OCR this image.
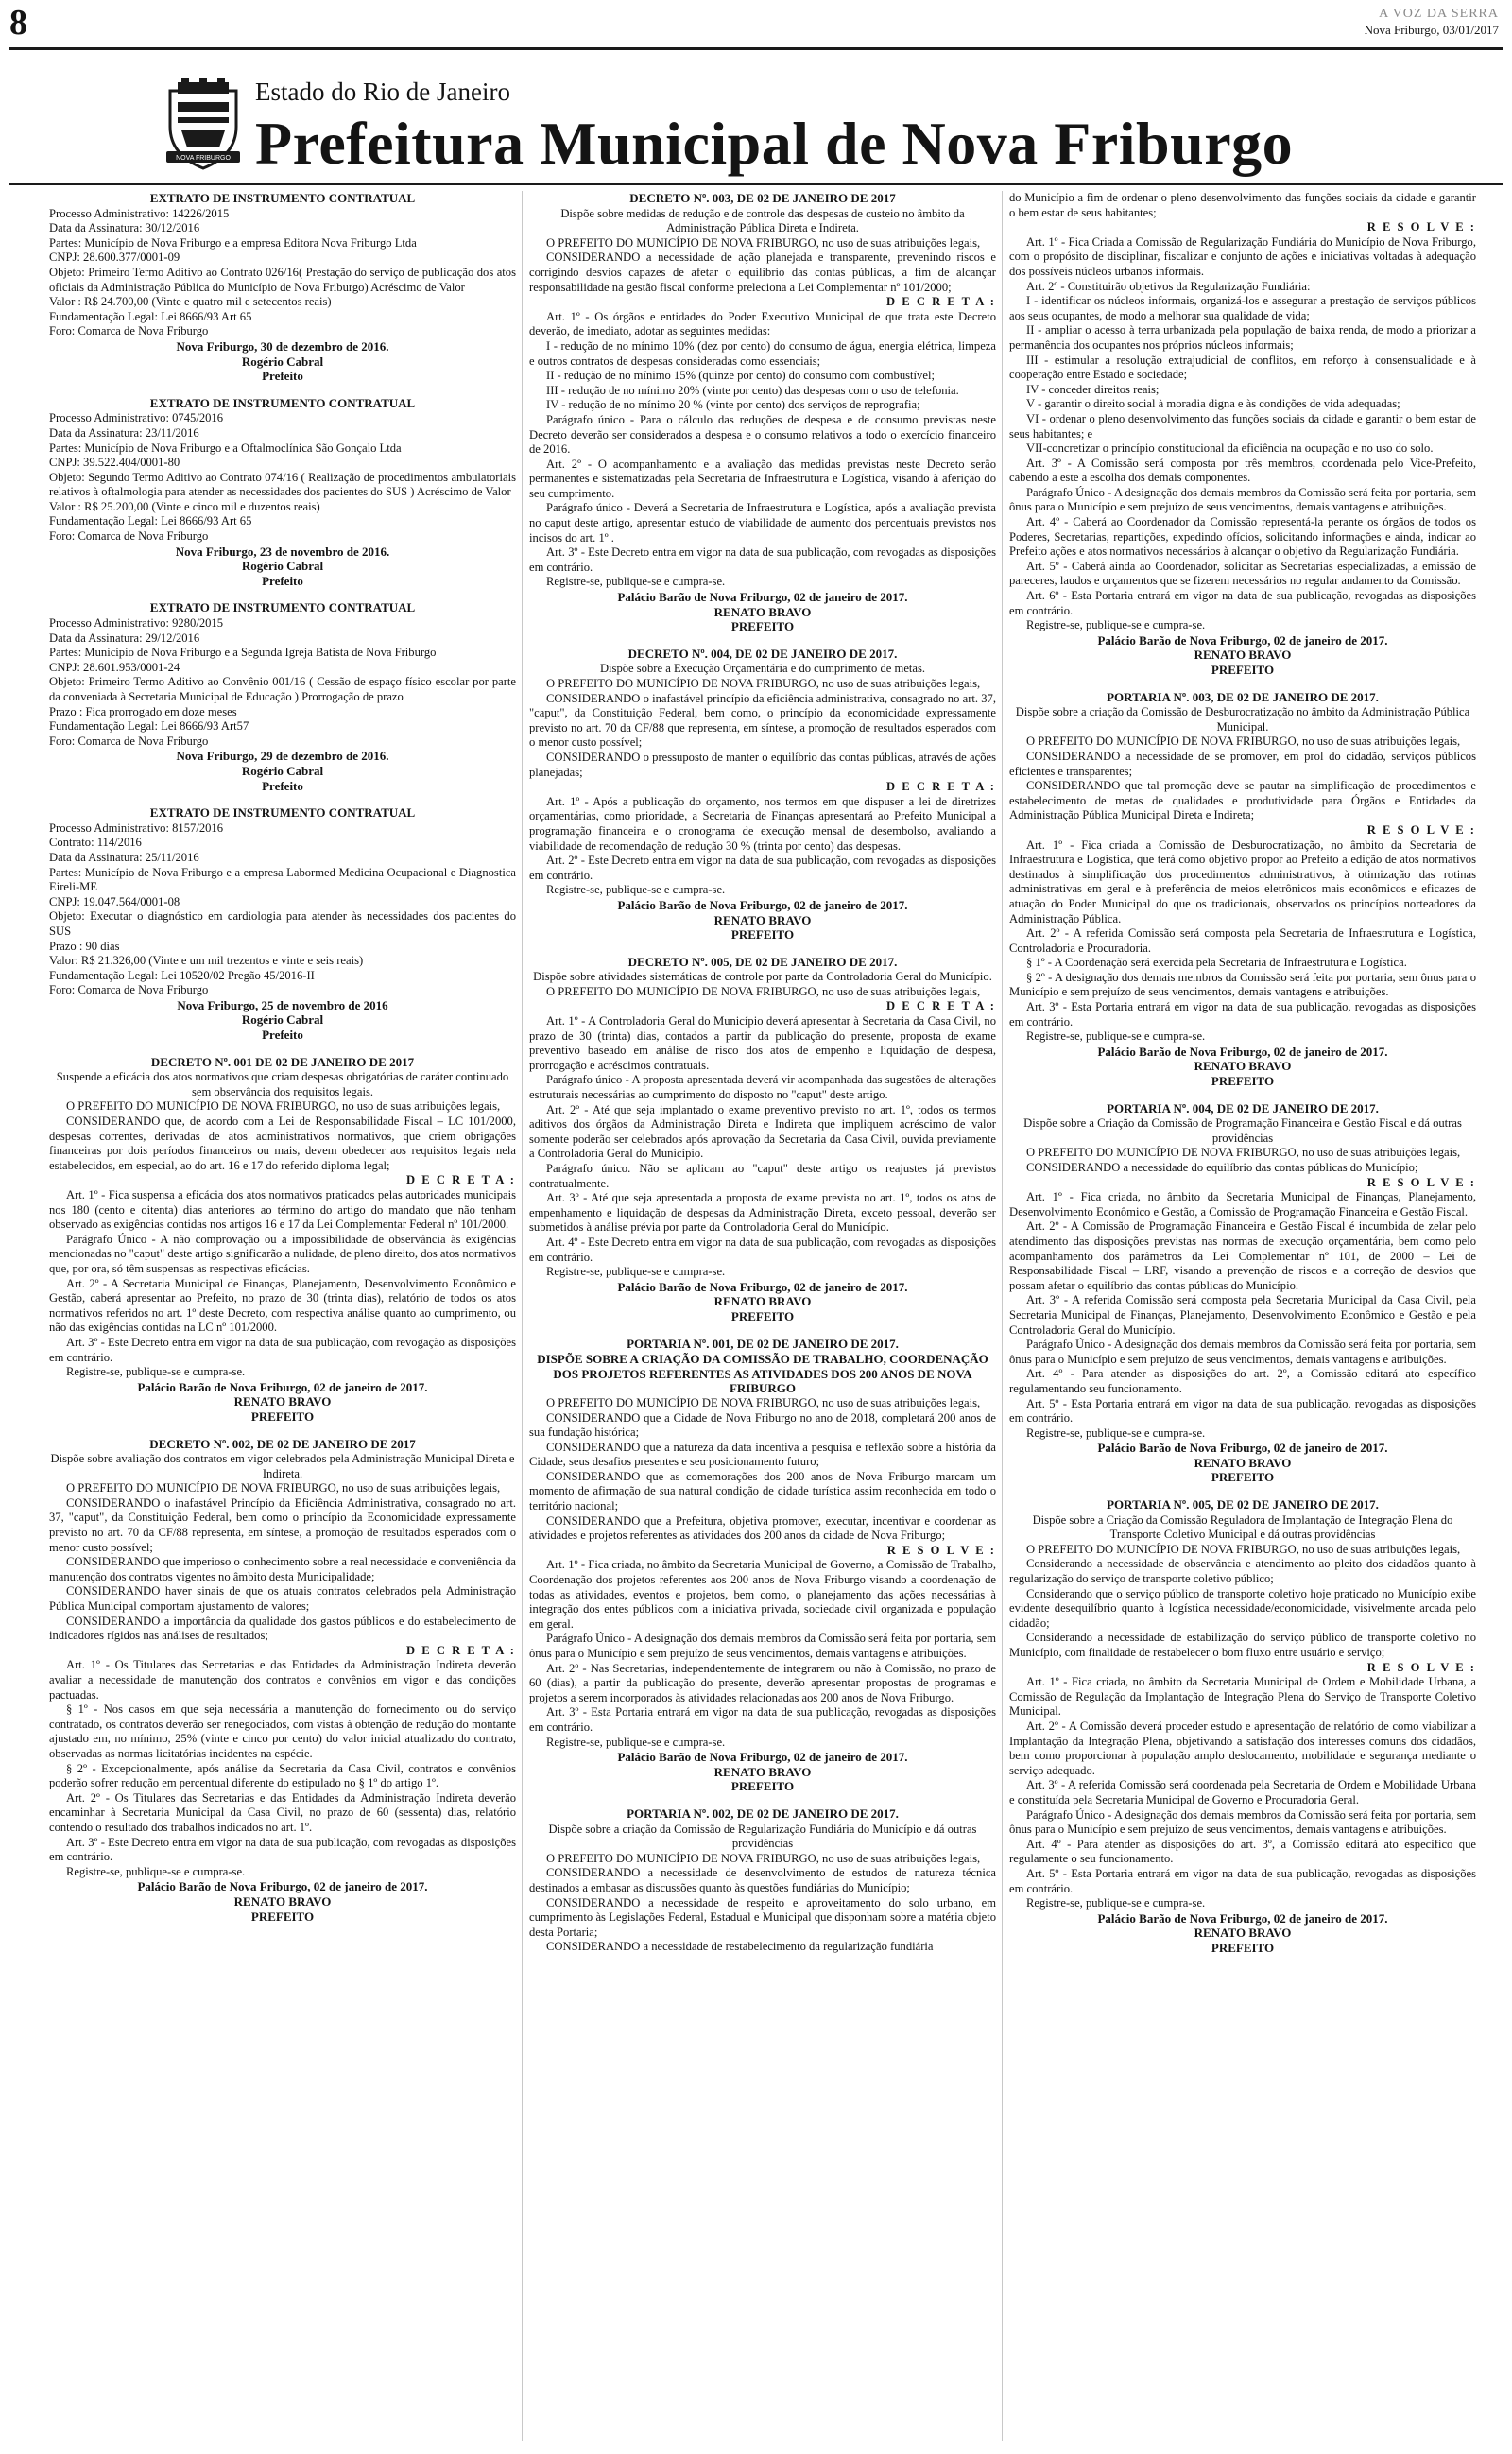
8	A VOZ DA SERRA
Nova Friburgo, 03/01/2017
NOVA FRIBURGO
Estado do Rio de Janeiro
Prefeitura Municipal de Nova Friburgo
EXTRATO DE INSTRUMENTO CONTRATUAL
Processo Administrativo: 14226/2015
Data da Assinatura: 30/12/2016
Partes: Município de Nova Friburgo e a empresa Editora Nova Friburgo Ltda
CNPJ: 28.600.377/0001-09
Objeto: Primeiro Termo Aditivo ao Contrato 026/16( Prestação do serviço de publicação dos atos oficiais da Administração Pública do Município de Nova Friburgo) Acréscimo de Valor
Valor : R$ 24.700,00 (Vinte e quatro mil e setecentos reais)
Fundamentação Legal: Lei 8666/93 Art 65
Foro: Comarca de Nova Friburgo
Nova Friburgo, 30 de dezembro de 2016.
Rogério Cabral
Prefeito
EXTRATO DE INSTRUMENTO CONTRATUAL
Processo Administrativo: 0745/2016
Data da Assinatura: 23/11/2016
Partes: Município de Nova Friburgo e a Oftalmoclínica São Gonçalo Ltda
CNPJ: 39.522.404/0001-80
Objeto: Segundo Termo Aditivo ao Contrato 074/16 ( Realização de procedimentos ambulatoriais relativos à oftalmologia para atender as necessidades dos pacientes do SUS ) Acréscimo de Valor
Valor : R$ 25.200,00 (Vinte e cinco mil e duzentos reais)
Fundamentação Legal: Lei 8666/93 Art 65
Foro: Comarca de Nova Friburgo
Nova Friburgo, 23 de novembro de 2016.
Rogério Cabral
Prefeito
EXTRATO DE INSTRUMENTO CONTRATUAL
Processo Administrativo: 9280/2015
Data da Assinatura: 29/12/2016
Partes: Município de Nova Friburgo e a Segunda Igreja Batista de Nova Friburgo
CNPJ: 28.601.953/0001-24
Objeto: Primeiro Termo Aditivo ao Convênio 001/16 ( Cessão de espaço físico escolar por parte da conveniada à Secretaria Municipal de Educação ) Prorrogação de prazo
Prazo : Fica prorrogado em doze meses
Fundamentação Legal: Lei 8666/93 Art57
Foro: Comarca de Nova Friburgo
Nova Friburgo, 29 de dezembro de 2016.
Rogério Cabral
Prefeito
EXTRATO DE INSTRUMENTO CONTRATUAL
Processo Administrativo: 8157/2016
Contrato: 114/2016
Data da Assinatura: 25/11/2016
Partes: Município de Nova Friburgo e a empresa Labormed Medicina Ocupacional e Diagnostica Eireli-ME
CNPJ: 19.047.564/0001-08
Objeto: Executar o diagnóstico em cardiologia para atender às necessidades dos pacientes do SUS
Prazo : 90 dias
Valor: R$ 21.326,00 (Vinte e um mil trezentos e vinte e seis reais)
Fundamentação Legal: Lei 10520/02 Pregão 45/2016-II
Foro: Comarca de Nova Friburgo
Nova Friburgo, 25 de novembro de 2016
Rogério Cabral
Prefeito
DECRETO Nº. 001 DE 02 DE JANEIRO DE 2017
Suspende a eficácia dos atos normativos que criam despesas obrigatórias de caráter continuado sem observância dos requisitos legais.
O PREFEITO DO MUNICÍPIO DE NOVA FRIBURGO, no uso de suas atribuições legais,
CONSIDERANDO que, de acordo com a Lei de Responsabilidade Fiscal – LC 101/2000, despesas correntes, derivadas de atos administrativos normativos, que criem obrigações financeiras por dois períodos financeiros ou mais, devem obedecer aos requisitos legais nela estabelecidos, em especial, ao do art. 16 e 17 do referido diploma legal;
D E C R E T A :
Art. 1º - Fica suspensa a eficácia dos atos normativos praticados pelas autoridades municipais nos 180 (cento e oitenta) dias anteriores ao término do artigo do mandato que não tenham observado as exigências contidas nos artigos 16 e 17 da Lei Complementar Federal nº 101/2000.
Parágrafo Único - A não comprovação ou a impossibilidade de observância às exigências mencionadas no "caput" deste artigo significarão a nulidade, de pleno direito, dos atos normativos que, por ora, só têm suspensas as respectivas eficácias.
Art. 2º - A Secretaria Municipal de Finanças, Planejamento, Desenvolvimento Econômico e Gestão, caberá apresentar ao Prefeito, no prazo de 30 (trinta dias), relatório de todos os atos normativos referidos no art. 1º deste Decreto, com respectiva análise quanto ao cumprimento, ou não das exigências contidas na LC nº 101/2000.
Art. 3º - Este Decreto entra em vigor na data de sua publicação, com revogação as disposições em contrário.
Registre-se, publique-se e cumpra-se.
Palácio Barão de Nova Friburgo, 02 de janeiro de 2017.
RENATO BRAVO
PREFEITO
DECRETO Nº. 002, DE 02 DE JANEIRO DE 2017
Dispõe sobre avaliação dos contratos em vigor celebrados pela Administração Municipal Direta e Indireta.
O PREFEITO DO MUNICÍPIO DE NOVA FRIBURGO, no uso de suas atribuições legais,
CONSIDERANDO o inafastável Princípio da Eficiência Administrativa, consagrado no art. 37, "caput", da Constituição Federal, bem como o princípio da Economicidade expressamente previsto no art. 70 da CF/88 representa, em síntese, a promoção de resultados esperados com o menor custo possível;
CONSIDERANDO que imperioso o conhecimento sobre a real necessidade e conveniência da manutenção dos contratos vigentes no âmbito desta Municipalidade;
CONSIDERANDO haver sinais de que os atuais contratos celebrados pela Administração Pública Municipal comportam ajustamento de valores;
CONSIDERANDO a importância da qualidade dos gastos públicos e do estabelecimento de indicadores rígidos nas análises de resultados;
D E C R E T A :
Art. 1º - Os Titulares das Secretarias e das Entidades da Administração Indireta deverão avaliar a necessidade de manutenção dos contratos e convênios em vigor e das condições pactuadas.
§ 1º - Nos casos em que seja necessária a manutenção do fornecimento ou do serviço contratado, os contratos deverão ser renegociados, com vistas à obtenção de redução do montante ajustado em, no mínimo, 25% (vinte e cinco por cento) do valor inicial atualizado do contrato, observadas as normas licitatórias incidentes na espécie.
§ 2º - Excepcionalmente, após análise da Secretaria da Casa Civil, contratos e convênios poderão sofrer redução em percentual diferente do estipulado no § 1º do artigo 1º.
Art. 2º - Os Titulares das Secretarias e das Entidades da Administração Indireta deverão encaminhar à Secretaria Municipal da Casa Civil, no prazo de 60 (sessenta) dias, relatório contendo o resultado dos trabalhos indicados no art. 1º.
Art. 3º - Este Decreto entra em vigor na data de sua publicação, com revogadas as disposições em contrário.
Registre-se, publique-se e cumpra-se.
Palácio Barão de Nova Friburgo, 02 de janeiro de 2017.
RENATO BRAVO
PREFEITO
DECRETO Nº. 003, DE 02 DE JANEIRO DE 2017
Dispõe sobre medidas de redução e de controle das despesas de custeio no âmbito da Administração Pública Direta e Indireta.
O PREFEITO DO MUNICÍPIO DE NOVA FRIBURGO, no uso de suas atribuições legais,
CONSIDERANDO a necessidade de ação planejada e transparente, prevenindo riscos e corrigindo desvios capazes de afetar o equilíbrio das contas públicas, a fim de alcançar responsabilidade na gestão fiscal conforme preleciona a Lei Complementar nº 101/2000;
D E C R E T A :
Art. 1º - Os órgãos e entidades do Poder Executivo Municipal de que trata este Decreto deverão, de imediato, adotar as seguintes medidas:
I - redução de no mínimo 10% (dez por cento) do consumo de água, energia elétrica, limpeza e outros contratos de despesas consideradas como essenciais;
II - redução de no mínimo 15% (quinze por cento) do consumo com combustível;
III - redução de no mínimo 20% (vinte por cento) das despesas com o uso de telefonia.
IV - redução de no mínimo 20 % (vinte por cento) dos serviços de reprografia;
Parágrafo único - Para o cálculo das reduções de despesa e de consumo previstas neste Decreto deverão ser considerados a despesa e o consumo relativos a todo o exercício financeiro de 2016.
Art. 2º - O acompanhamento e a avaliação das medidas previstas neste Decreto serão permanentes e sistematizadas pela Secretaria de Infraestrutura e Logística, visando à aferição do seu cumprimento.
Parágrafo único - Deverá a Secretaria de Infraestrutura e Logística, após a avaliação prevista no caput deste artigo, apresentar estudo de viabilidade de aumento dos percentuais previstos nos incisos do art. 1º .
Art. 3º - Este Decreto entra em vigor na data de sua publicação, com revogadas as disposições em contrário.
Registre-se, publique-se e cumpra-se.
Palácio Barão de Nova Friburgo, 02 de janeiro de 2017.
RENATO BRAVO
PREFEITO
DECRETO Nº. 004, DE 02 DE JANEIRO DE 2017.
Dispõe sobre a Execução Orçamentária e do cumprimento de metas.
O PREFEITO DO MUNICÍPIO DE NOVA FRIBURGO, no uso de suas atribuições legais,
CONSIDERANDO o inafastável princípio da eficiência administrativa, consagrado no art. 37, "caput", da Constituição Federal, bem como, o princípio da economicidade expressamente previsto no art. 70 da CF/88 que representa, em síntese, a promoção de resultados esperados com o menor custo possível;
CONSIDERANDO o pressuposto de manter o equilíbrio das contas públicas, através de ações planejadas;
D E C R E T A :
Art. 1º - Após a publicação do orçamento, nos termos em que dispuser a lei de diretrizes orçamentárias, como prioridade, a Secretaria de Finanças apresentará ao Prefeito Municipal a programação financeira e o cronograma de execução mensal de desembolso, avaliando a viabilidade de recomendação de redução 30 % (trinta por cento) das despesas.
Art. 2º - Este Decreto entra em vigor na data de sua publicação, com revogadas as disposições em contrário.
Registre-se, publique-se e cumpra-se.
Palácio Barão de Nova Friburgo, 02 de janeiro de 2017.
RENATO BRAVO
PREFEITO
DECRETO Nº. 005, DE 02 DE JANEIRO DE 2017.
Dispõe sobre atividades sistemáticas de controle por parte da Controladoria Geral do Município.
O PREFEITO DO MUNICÍPIO DE NOVA FRIBURGO, no uso de suas atribuições legais,
D E C R E T A :
Art. 1º - A Controladoria Geral do Município deverá apresentar à Secretaria da Casa Civil, no prazo de 30 (trinta) dias, contados a partir da publicação do presente, proposta de exame preventivo baseado em análise de risco dos atos de empenho e liquidação de despesa, prorrogação e acréscimos contratuais.
Parágrafo único - A proposta apresentada deverá vir acompanhada das sugestões de alterações estruturais necessárias ao cumprimento do disposto no "caput" deste artigo.
Art. 2º - Até que seja implantado o exame preventivo previsto no art. 1º, todos os termos aditivos dos órgãos da Administração Direta e Indireta que impliquem acréscimo de valor somente poderão ser celebrados após aprovação da Secretaria da Casa Civil, ouvida previamente a Controladoria Geral do Município.
Parágrafo único. Não se aplicam ao "caput" deste artigo os reajustes já previstos contratualmente.
Art. 3º - Até que seja apresentada a proposta de exame prevista no art. 1º, todos os atos de empenhamento e liquidação de despesas da Administração Direta, exceto pessoal, deverão ser submetidos à análise prévia por parte da Controladoria Geral do Município.
Art. 4º - Este Decreto entra em vigor na data de sua publicação, com revogadas as disposições em contrário.
Registre-se, publique-se e cumpra-se.
Palácio Barão de Nova Friburgo, 02 de janeiro de 2017.
RENATO BRAVO
PREFEITO
PORTARIA Nº. 001, DE 02 DE JANEIRO DE 2017.
DISPÕE SOBRE A CRIAÇÃO DA COMISSÃO DE TRABALHO, COORDENAÇÃO DOS PROJETOS REFERENTES AS ATIVIDADES DOS 200 ANOS DE NOVA FRIBURGO
O PREFEITO DO MUNICÍPIO DE NOVA FRIBURGO, no uso de suas atribuições legais,
CONSIDERANDO que a Cidade de Nova Friburgo no ano de 2018, completará 200 anos de sua fundação histórica;
CONSIDERANDO que a natureza da data incentiva a pesquisa e reflexão sobre a história da Cidade, seus desafios presentes e seu posicionamento futuro;
CONSIDERANDO que as comemorações dos 200 anos de Nova Friburgo marcam um momento de afirmação de sua natural condição de cidade turística assim reconhecida em todo o território nacional;
CONSIDERANDO que a Prefeitura, objetiva promover, executar, incentivar e coordenar as atividades e projetos referentes as atividades dos 200 anos da cidade de Nova Friburgo;
R E S O L V E :
Art. 1º - Fica criada, no âmbito da Secretaria Municipal de Governo, a Comissão de Trabalho, Coordenação dos projetos referentes aos 200 anos de Nova Friburgo visando a coordenação de todas as atividades, eventos e projetos, bem como, o planejamento das ações necessárias à integração dos entes públicos com a iniciativa privada, sociedade civil organizada e população em geral.
Parágrafo Único - A designação dos demais membros da Comissão será feita por portaria, sem ônus para o Município e sem prejuízo de seus vencimentos, demais vantagens e atribuições.
Art. 2º - Nas Secretarias, independentemente de integrarem ou não à Comissão, no prazo de 60 (dias), a partir da publicação do presente, deverão apresentar propostas de programas e projetos a serem incorporados às atividades relacionadas aos 200 anos de Nova Friburgo.
Art. 3º - Esta Portaria entrará em vigor na data de sua publicação, revogadas as disposições em contrário.
Registre-se, publique-se e cumpra-se.
Palácio Barão de Nova Friburgo, 02 de janeiro de 2017.
RENATO BRAVO
PREFEITO
PORTARIA Nº. 002, DE 02 DE JANEIRO DE 2017.
Dispõe sobre a criação da Comissão de Regularização Fundiária do Município e dá outras providências
O PREFEITO DO MUNICÍPIO DE NOVA FRIBURGO, no uso de suas atribuições legais,
CONSIDERANDO a necessidade de desenvolvimento de estudos de natureza técnica destinados a embasar as discussões quanto às questões fundiárias do Município;
CONSIDERANDO a necessidade de respeito e aproveitamento do solo urbano, em cumprimento às Legislações Federal, Estadual e Municipal que disponham sobre a matéria objeto desta Portaria;
CONSIDERANDO a necessidade de restabelecimento da regularização fundiária
do Município a fim de ordenar o pleno desenvolvimento das funções sociais da cidade e garantir o bem estar de seus habitantes;
R E S O L V E :
Art. 1º - Fica Criada a Comissão de Regularização Fundiária do Município de Nova Friburgo, com o propósito de disciplinar, fiscalizar e conjunto de ações e iniciativas voltadas à adequação dos possíveis núcleos urbanos informais.
Art. 2º - Constituirão objetivos da Regularização Fundiária:
I - identificar os núcleos informais, organizá-los e assegurar a prestação de serviços públicos aos seus ocupantes, de modo a melhorar sua qualidade de vida;
II - ampliar o acesso à terra urbanizada pela população de baixa renda, de modo a priorizar a permanência dos ocupantes nos próprios núcleos informais;
III - estimular a resolução extrajudicial de conflitos, em reforço à consensualidade e à cooperação entre Estado e sociedade;
IV - conceder direitos reais;
V - garantir o direito social à moradia digna e às condições de vida adequadas;
VI - ordenar o pleno desenvolvimento das funções sociais da cidade e garantir o bem estar de seus habitantes; e
VII-concretizar o princípio constitucional da eficiência na ocupação e no uso do solo.
Art. 3º - A Comissão será composta por três membros, coordenada pelo Vice-Prefeito, cabendo a este a escolha dos demais componentes.
Parágrafo Único - A designação dos demais membros da Comissão será feita por portaria, sem ônus para o Município e sem prejuízo de seus vencimentos, demais vantagens e atribuições.
Art. 4º - Caberá ao Coordenador da Comissão representá-la perante os órgãos de todos os Poderes, Secretarias, repartições, expedindo ofícios, solicitando informações e ainda, indicar ao Prefeito ações e atos normativos necessários à alcançar o objetivo da Regularização Fundiária.
Art. 5º - Caberá ainda ao Coordenador, solicitar as Secretarias especializadas, a emissão de pareceres, laudos e orçamentos que se fizerem necessários no regular andamento da Comissão.
Art. 6º - Esta Portaria entrará em vigor na data de sua publicação, revogadas as disposições em contrário.
Registre-se, publique-se e cumpra-se.
Palácio Barão de Nova Friburgo, 02 de janeiro de 2017.
RENATO BRAVO
PREFEITO
PORTARIA Nº. 003, DE 02 DE JANEIRO DE 2017.
Dispõe sobre a criação da Comissão de Desburocratização no âmbito da Administração Pública Municipal.
O PREFEITO DO MUNICÍPIO DE NOVA FRIBURGO, no uso de suas atribuições legais,
CONSIDERANDO a necessidade de se promover, em prol do cidadão, serviços públicos eficientes e transparentes;
CONSIDERANDO que tal promoção deve se pautar na simplificação de procedimentos e estabelecimento de metas de qualidades e produtividade para Órgãos e Entidades da Administração Pública Municipal Direta e Indireta;
R E S O L V E :
Art. 1º - Fica criada a Comissão de Desburocratização, no âmbito da Secretaria de Infraestrutura e Logística, que terá como objetivo propor ao Prefeito a edição de atos normativos destinados à simplificação dos procedimentos administrativos, à otimização das rotinas administrativas em geral e à preferência de meios eletrônicos mais econômicos e eficazes de atuação do Poder Municipal do que os tradicionais, observados os princípios norteadores da Administração Pública.
Art. 2º - A referida Comissão será composta pela Secretaria de Infraestrutura e Logística, Controladoria e Procuradoria.
§ 1º - A Coordenação será exercida pela Secretaria de Infraestrutura e Logística.
§ 2º - A designação dos demais membros da Comissão será feita por portaria, sem ônus para o Município e sem prejuízo de seus vencimentos, demais vantagens e atribuições.
Art. 3º - Esta Portaria entrará em vigor na data de sua publicação, revogadas as disposições em contrário.
Registre-se, publique-se e cumpra-se.
Palácio Barão de Nova Friburgo, 02 de janeiro de 2017.
RENATO BRAVO
PREFEITO
PORTARIA Nº. 004, DE 02 DE JANEIRO DE 2017.
Dispõe sobre a Criação da Comissão de Programação Financeira e Gestão Fiscal e dá outras providências
O PREFEITO DO MUNICÍPIO DE NOVA FRIBURGO, no uso de suas atribuições legais,
CONSIDERANDO a necessidade do equilíbrio das contas públicas do Município;
R E S O L V E :
Art. 1º - Fica criada, no âmbito da Secretaria Municipal de Finanças, Planejamento, Desenvolvimento Econômico e Gestão, a Comissão de Programação Financeira e Gestão Fiscal.
Art. 2º - A Comissão de Programação Financeira e Gestão Fiscal é incumbida de zelar pelo atendimento das disposições previstas nas normas de execução orçamentária, bem como pelo acompanhamento dos parâmetros da Lei Complementar nº 101, de 2000 – Lei de Responsabilidade Fiscal – LRF, visando a prevenção de riscos e a correção de desvios que possam afetar o equilíbrio das contas públicas do Município.
Art. 3º - A referida Comissão será composta pela Secretaria Municipal da Casa Civil, pela Secretaria Municipal de Finanças, Planejamento, Desenvolvimento Econômico e Gestão e pela Controladoria Geral do Município.
Parágrafo Único - A designação dos demais membros da Comissão será feita por portaria, sem ônus para o Município e sem prejuízo de seus vencimentos, demais vantagens e atribuições.
Art. 4º - Para atender as disposições do art. 2º, a Comissão editará ato específico regulamentando seu funcionamento.
Art. 5º - Esta Portaria entrará em vigor na data de sua publicação, revogadas as disposições em contrário.
Registre-se, publique-se e cumpra-se.
Palácio Barão de Nova Friburgo, 02 de janeiro de 2017.
RENATO BRAVO
PREFEITO
PORTARIA Nº. 005, DE 02 DE JANEIRO DE 2017.
Dispõe sobre a Criação da Comissão Reguladora de Implantação de Integração Plena do Transporte Coletivo Municipal e dá outras providências
O PREFEITO DO MUNICÍPIO DE NOVA FRIBURGO, no uso de suas atribuições legais,
Considerando a necessidade de observância e atendimento ao pleito dos cidadãos quanto à regularização do serviço de transporte coletivo público;
Considerando que o serviço público de transporte coletivo hoje praticado no Município exibe evidente desequilíbrio quanto à logística necessidade/economicidade, visivelmente arcada pelo cidadão;
Considerando a necessidade de estabilização do serviço público de transporte coletivo no Município, com finalidade de restabelecer o bom fluxo entre usuário e serviço;
R E S O L V E :
Art. 1º - Fica criada, no âmbito da Secretaria Municipal de Ordem e Mobilidade Urbana, a Comissão de Regulação da Implantação de Integração Plena do Serviço de Transporte Coletivo Municipal.
Art. 2º - A Comissão deverá proceder estudo e apresentação de relatório de como viabilizar a Implantação da Integração Plena, objetivando a satisfação dos interesses comuns dos cidadãos, bem como proporcionar à população amplo deslocamento, mobilidade e segurança mediante o serviço adequado.
Art. 3º - A referida Comissão será coordenada pela Secretaria de Ordem e Mobilidade Urbana e constituída pela Secretaria Municipal de Governo e Procuradoria Geral.
Parágrafo Único - A designação dos demais membros da Comissão será feita por portaria, sem ônus para o Município e sem prejuízo de seus vencimentos, demais vantagens e atribuições.
Art. 4º - Para atender as disposições do art. 3º, a Comissão editará ato específico que regulamente o seu funcionamento.
Art. 5º - Esta Portaria entrará em vigor na data de sua publicação, revogadas as disposições em contrário.
Registre-se, publique-se e cumpra-se.
Palácio Barão de Nova Friburgo, 02 de janeiro de 2017.
RENATO BRAVO
PREFEITO
